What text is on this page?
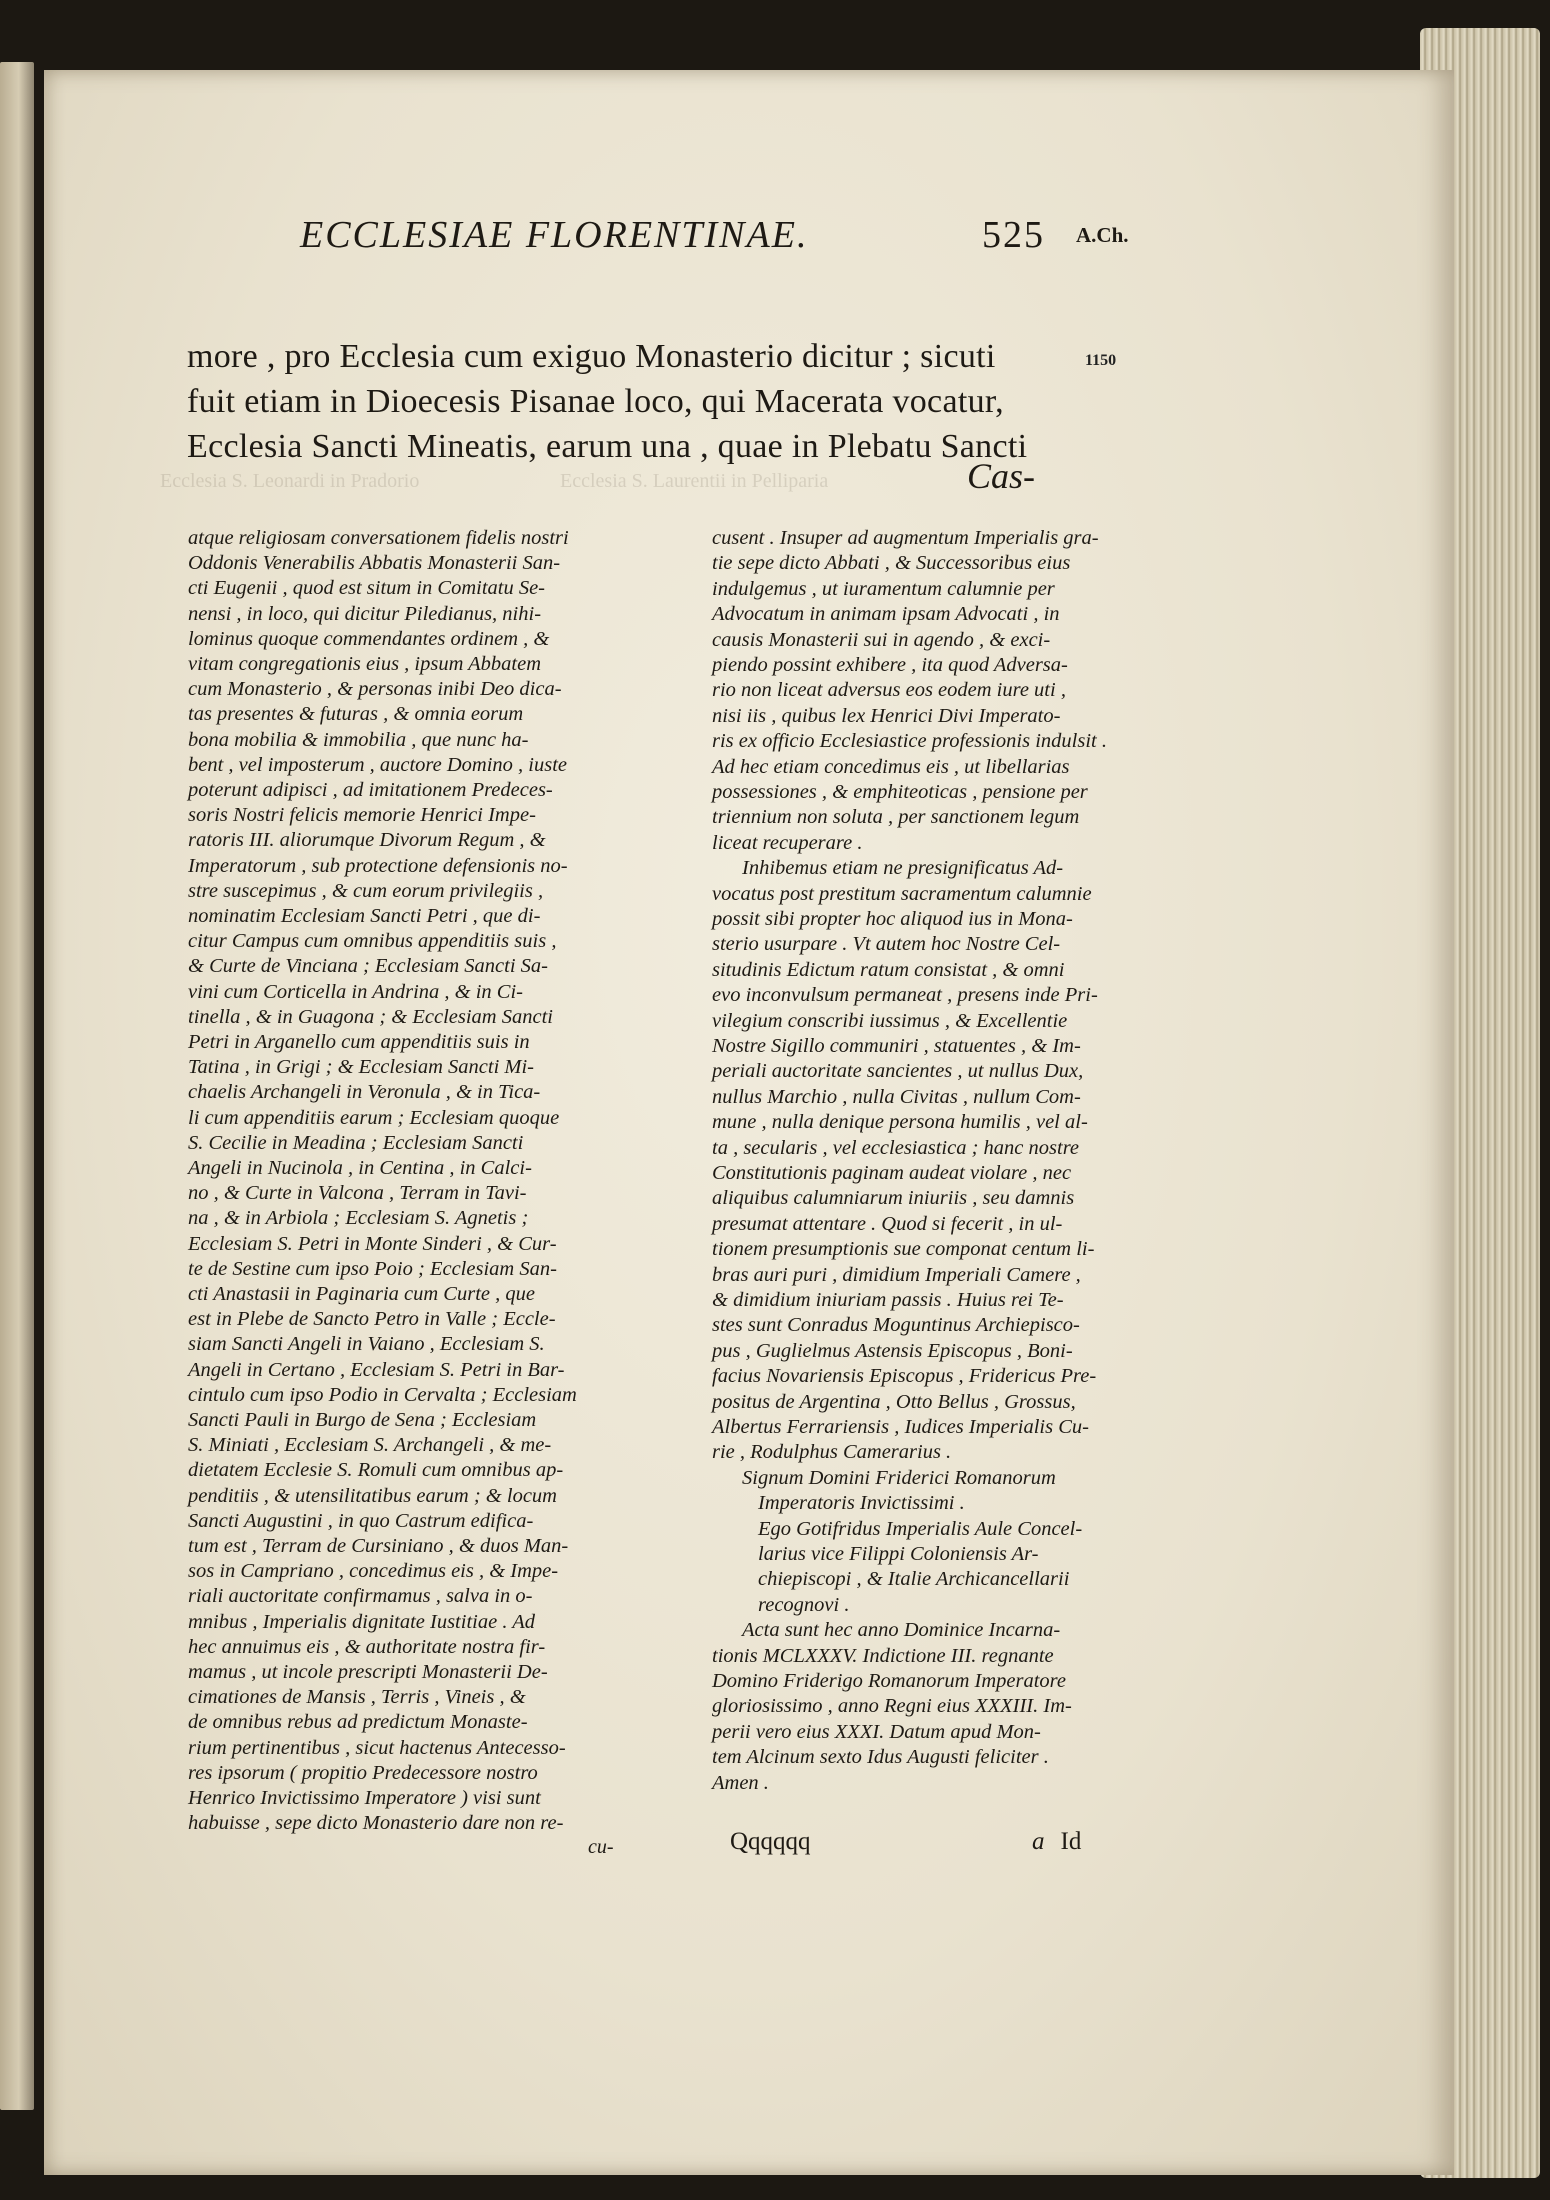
Ecclesia S. Leonardi in Pradorio	Ecclesia S. Laurentii in Pelliparia
ECCLESIAE FLORENTINAE.	525 A.Ch.
1150
more , pro Ecclesia cum exiguo Monasterio dicitur ; sicuti
fuit etiam in Dioecesis Pisanae loco, qui Macerata vocatur,
Ecclesia Sancti Mineatis, earum una , quae in Plebatu Sancti
Cas-
atque religiosam conversationem fidelis nostri
Oddonis Venerabilis Abbatis Monasterii San-
cti Eugenii , quod est situm in Comitatu Se-
nensi , in loco, qui dicitur Piledianus, nihi-
lominus quoque commendantes ordinem , &
vitam congregationis eius , ipsum Abbatem
cum Monasterio , & personas inibi Deo dica-
tas presentes & futuras , & omnia eorum
bona mobilia & immobilia , que nunc ha-
bent , vel imposterum , auctore Domino , iuste
poterunt adipisci , ad imitationem Predeces-
soris Nostri felicis memorie Henrici Impe-
ratoris III. aliorumque Divorum Regum , &
Imperatorum , sub protectione defensionis no-
stre suscepimus , & cum eorum privilegiis ,
nominatim Ecclesiam Sancti Petri , que di-
citur Campus cum omnibus appenditiis suis ,
& Curte de Vinciana ; Ecclesiam Sancti Sa-
vini cum Corticella in Andrina , & in Ci-
tinella , & in Guagona ; & Ecclesiam Sancti
Petri in Arganello cum appenditiis suis in
Tatina , in Grigi ; & Ecclesiam Sancti Mi-
chaelis Archangeli in Veronula , & in Tica-
li cum appenditiis earum ; Ecclesiam quoque
S. Cecilie in Meadina ; Ecclesiam Sancti
Angeli in Nucinola , in Centina , in Calci-
no , & Curte in Valcona , Terram in Tavi-
na , & in Arbiola ; Ecclesiam S. Agnetis ;
Ecclesiam S. Petri in Monte Sinderi , & Cur-
te de Sestine cum ipso Poio ; Ecclesiam San-
cti Anastasii in Paginaria cum Curte , que
est in Plebe de Sancto Petro in Valle ; Eccle-
siam Sancti Angeli in Vaiano , Ecclesiam S.
Angeli in Certano , Ecclesiam S. Petri in Bar-
cintulo cum ipso Podio in Cervalta ; Ecclesiam
Sancti Pauli in Burgo de Sena ; Ecclesiam
S. Miniati , Ecclesiam S. Archangeli , & me-
dietatem Ecclesie S. Romuli cum omnibus ap-
penditiis , & utensilitatibus earum ; & locum
Sancti Augustini , in quo Castrum edifica-
tum est , Terram de Cursiniano , & duos Man-
sos in Campriano , concedimus eis , & Impe-
riali auctoritate confirmamus , salva in o-
mnibus , Imperialis dignitate Iustitiae . Ad
hec annuimus eis , & authoritate nostra fir-
mamus , ut incole prescripti Monasterii De-
cimationes de Mansis , Terris , Vineis , &
de omnibus rebus ad predictum Monaste-
rium pertinentibus , sicut hactenus Antecesso-
res ipsorum ( propitio Predecessore nostro
Henrico Invictissimo Imperatore ) visi sunt
habuisse , sepe dicto Monasterio dare non re-
cu-
cusent . Insuper ad augmentum Imperialis gra-
tie sepe dicto Abbati , & Successoribus eius
indulgemus , ut iuramentum calumnie per
Advocatum in animam ipsam Advocati , in
causis Monasterii sui in agendo , & exci-
piendo possint exhibere , ita quod Adversa-
rio non liceat adversus eos eodem iure uti ,
nisi iis , quibus lex Henrici Divi Imperato-
ris ex officio Ecclesiastice professionis indulsit .
Ad hec etiam concedimus eis , ut libellarias
possessiones , & emphiteoticas , pensione per
triennium non soluta , per sanctionem legum
liceat recuperare .
Inhibemus etiam ne presignificatus Ad-
vocatus post prestitum sacramentum calumnie
possit sibi propter hoc aliquod ius in Mona-
sterio usurpare . Vt autem hoc Nostre Cel-
situdinis Edictum ratum consistat , & omni
evo inconvulsum permaneat , presens inde Pri-
vilegium conscribi iussimus , & Excellentie
Nostre Sigillo communiri , statuentes , & Im-
periali auctoritate sancientes , ut nullus Dux,
nullus Marchio , nulla Civitas , nullum Com-
mune , nulla denique persona humilis , vel al-
ta , secularis , vel ecclesiastica ; hanc nostre
Constitutionis paginam audeat violare , nec
aliquibus calumniarum iniuriis , seu damnis
presumat attentare . Quod si fecerit , in ul-
tionem presumptionis sue componat centum li-
bras auri puri , dimidium Imperiali Camere ,
& dimidium iniuriam passis . Huius rei Te-
stes sunt Conradus Moguntinus Archiepisco-
pus , Guglielmus Astensis Episcopus , Boni-
facius Novariensis Episcopus , Fridericus Pre-
positus de Argentina , Otto Bellus , Grossus,
Albertus Ferrariensis , Iudices Imperialis Cu-
rie , Rodulphus Camerarius .
Signum Domini Friderici Romanorum
Imperatoris Invictissimi .
Ego Gotifridus Imperialis Aule Concel-
larius vice Filippi Coloniensis Ar-
chiepiscopi , & Italie Archicancellarii
recognovi .
Acta sunt hec anno Dominice Incarna-
tionis MCLXXXV. Indictione III. regnante
Domino Friderigo Romanorum Imperatore
gloriosissimo , anno Regni eius XXXIII. Im-
perii vero eius XXXI. Datum apud Mon-
tem Alcinum sexto Idus Augusti feliciter .
Amen .
Qqqqqq	a Id
